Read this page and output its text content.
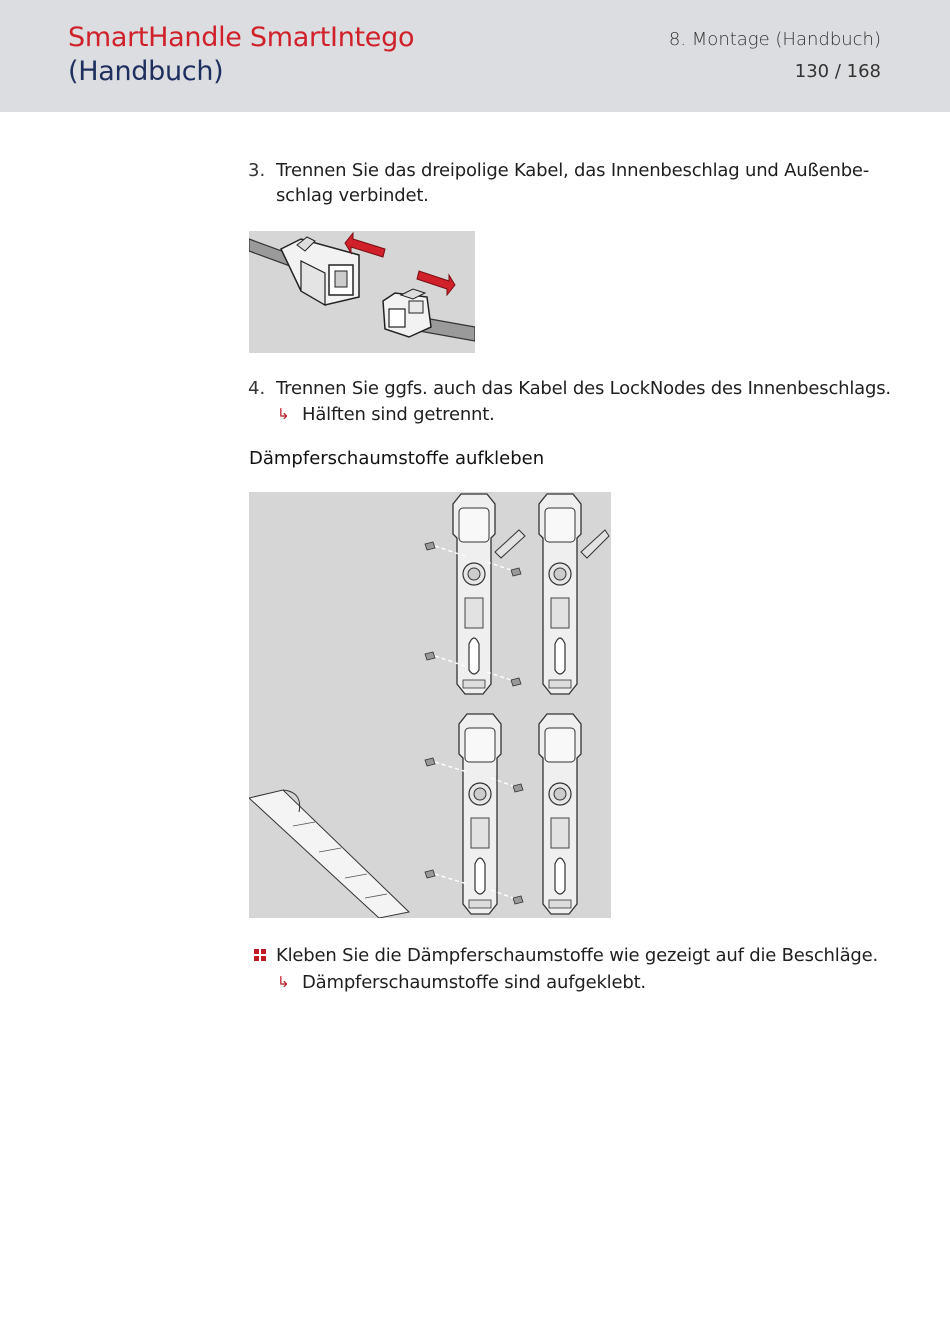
SmartHandle SmartIntego
(Handbuch)
8. Montage (Handbuch)
130 / 168
3. Trennen Sie das dreipolige Kabel, das Innenbeschlag und Außenbe-
schlag verbindet.
4. Trennen Sie ggfs. auch das Kabel des LockNodes des Innenbeschlags.
↳ Hälften sind getrennt.
Dämpferschaumstoffe aufkleben
Kleben Sie die Dämpferschaumstoffe wie gezeigt auf die Beschläge.
↳ Dämpferschaumstoffe sind aufgeklebt.
